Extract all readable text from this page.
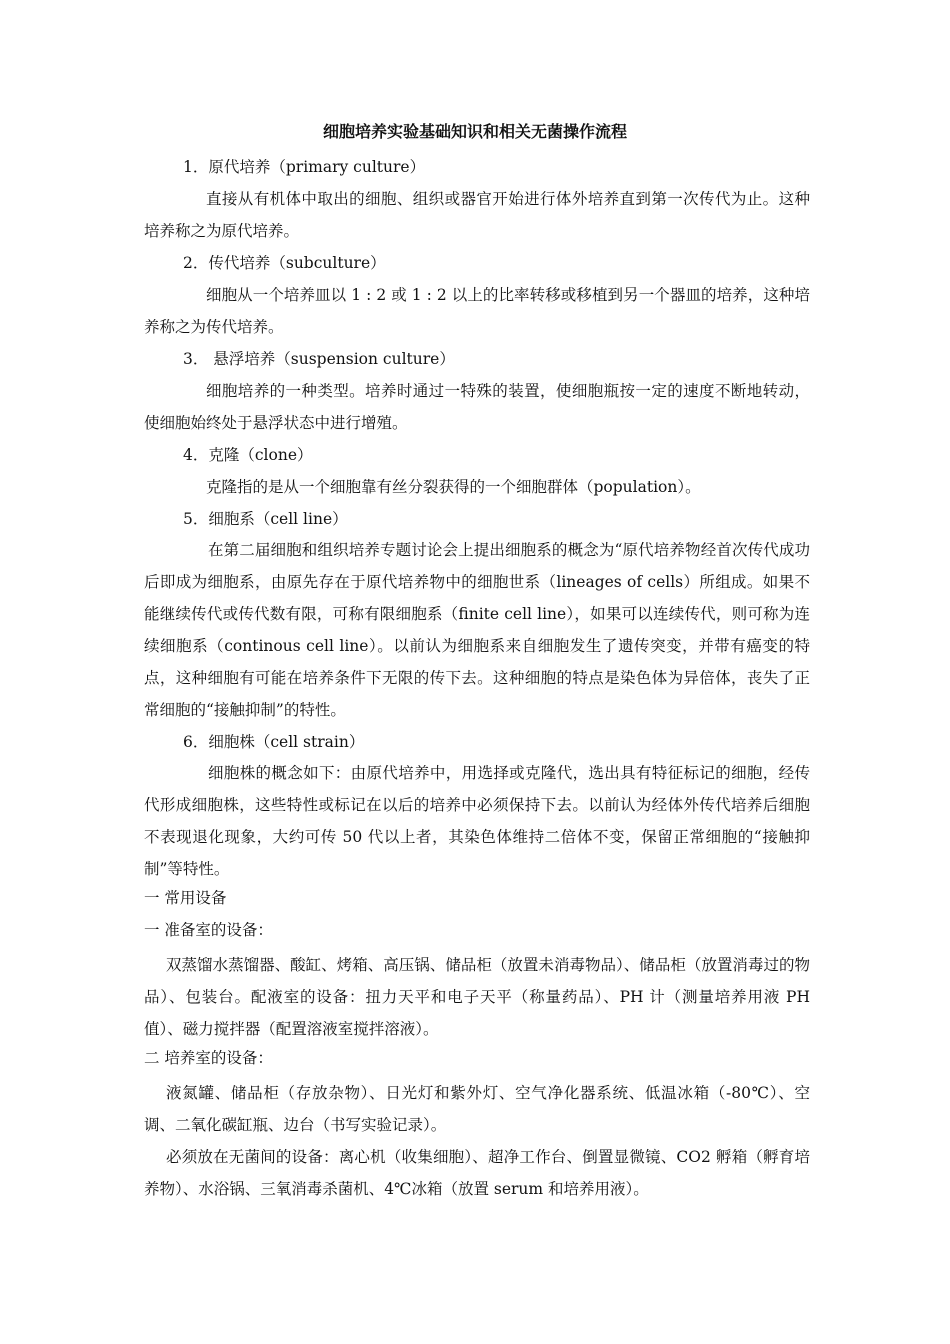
细胞培养实验基础知识和相关无菌操作流程
1．原代培养（primary culture）

直接从有机体中取出的细胞、组织或器官开始进行体外培养直到第一次传代为止。这种培养称之为原代培养。

2．传代培养（subculture）

细胞从一个培养皿以 1 : 2 或 1 : 2 以上的比率转移或移植到另一个器皿的培养，这种培养称之为传代培养。

3． 悬浮培养（suspension culture）

细胞培养的一种类型。培养时通过一特殊的装置，使细胞瓶按一定的速度不断地转动，使细胞始终处于悬浮状态中进行增殖。

4．克隆（clone）

克隆指的是从一个细胞靠有丝分裂获得的一个细胞群体（population）。

5．细胞系（cell line）

在第二届细胞和组织培养专题讨论会上提出细胞系的概念为“原代培养物经首次传代成功后即成为细胞系，由原先存在于原代培养物中的细胞世系（lineages of cells）所组成。如果不能继续传代或传代数有限，可称有限细胞系（finite cell line），如果可以连续传代，则可称为连续细胞系（continous cell line）。以前认为细胞系来自细胞发生了遗传突变，并带有癌变的特点，这种细胞有可能在培养条件下无限的传下去。这种细胞的特点是染色体为异倍体，丧失了正常细胞的“接触抑制”的特性。

6．细胞株（cell strain）

细胞株的概念如下：由原代培养中，用选择或克隆代，选出具有特征标记的细胞，经传代形成细胞株，这些特性或标记在以后的培养中必须保持下去。以前认为经体外传代培养后细胞不表现退化现象，大约可传 50 代以上者，其染色体维持二倍体不变，保留正常细胞的“接触抑制”等特性。

一 常用设备
一 准备室的设备：

双蒸馏水蒸馏器、酸缸、烤箱、高压锅、储品柜（放置未消毒物品）、储品柜（放置消毒过的物品）、包装台。配液室的设备：扭力天平和电子天平（称量药品）、PH 计（测量培养用液 PH 值）、磁力搅拌器（配置溶液室搅拌溶液）。

二 培养室的设备：

液氮罐、储品柜（存放杂物）、日光灯和紫外灯、空气净化器系统、低温冰箱（-80℃）、空调、二氧化碳缸瓶、边台（书写实验记录）。

必须放在无菌间的设备：离心机（收集细胞）、超净工作台、倒置显微镜、CO2 孵箱（孵育培养物）、水浴锅、三氧消毒杀菌机、4℃冰箱（放置 serum 和培养用液）。
